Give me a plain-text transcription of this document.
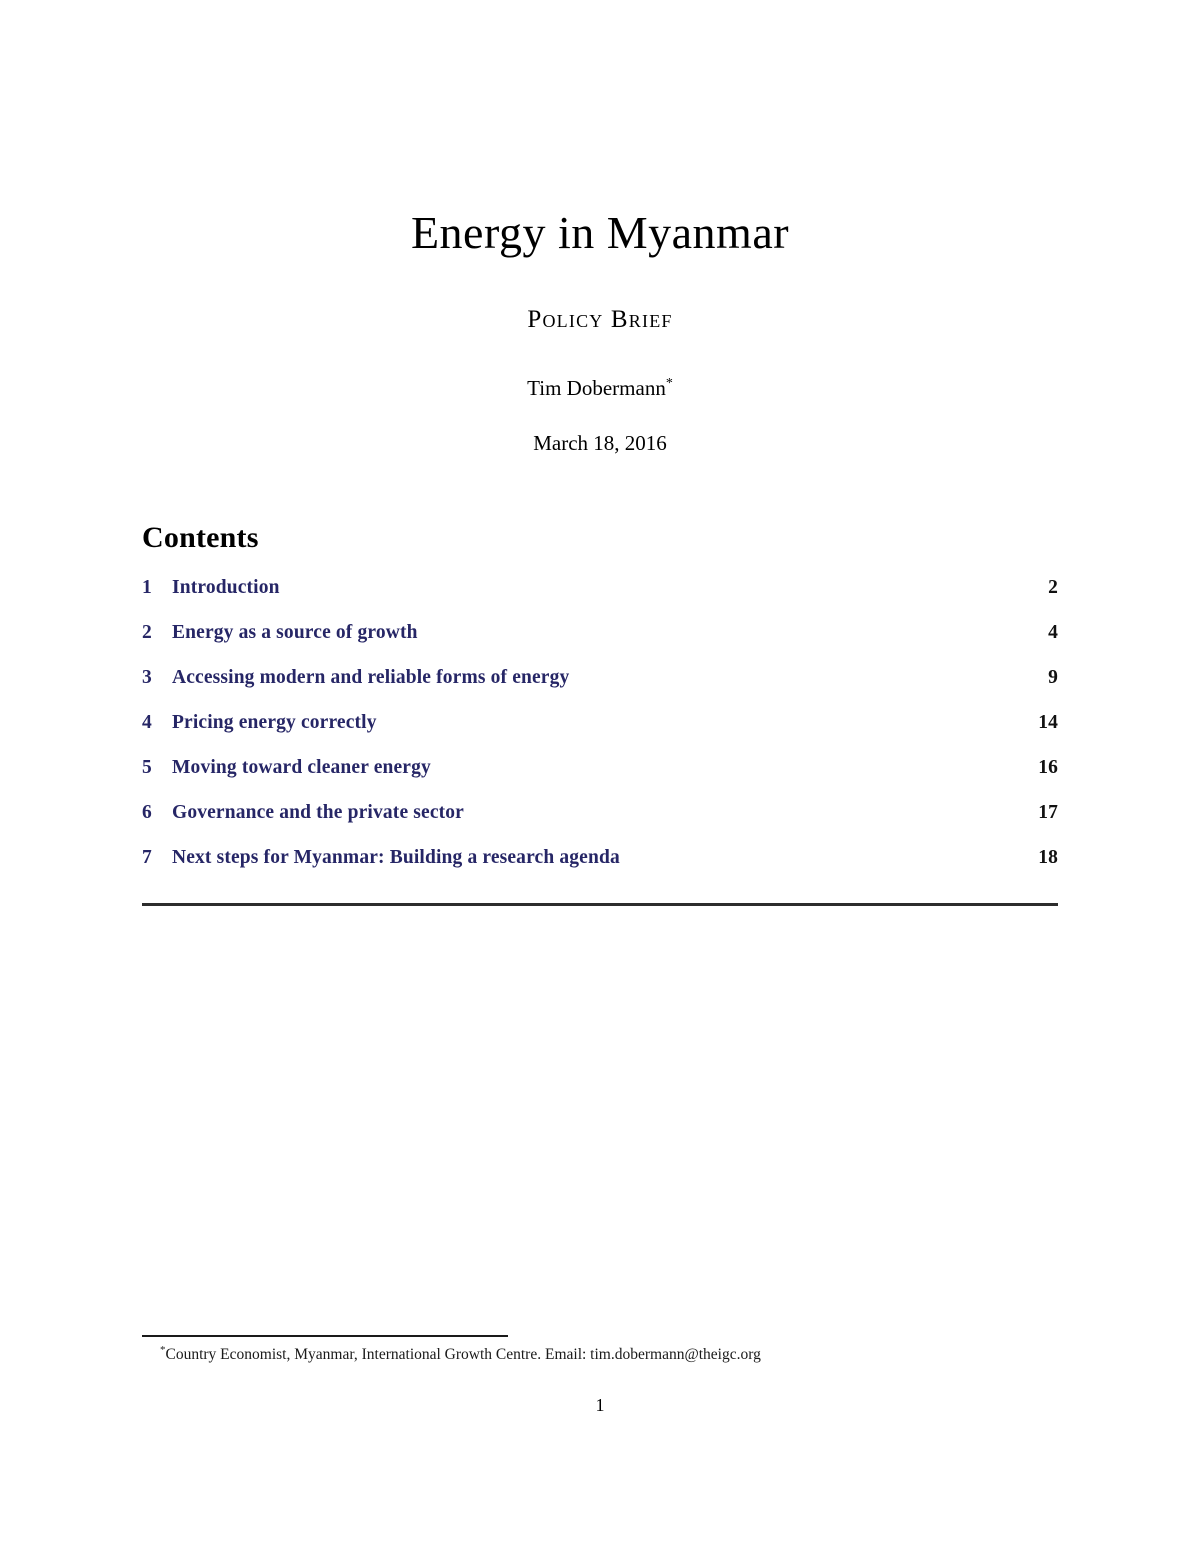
Energy in Myanmar
Policy Brief
Tim Dobermann*
March 18, 2016
Contents
1	Introduction	2
2	Energy as a source of growth	4
3	Accessing modern and reliable forms of energy	9
4	Pricing energy correctly	14
5	Moving toward cleaner energy	16
6	Governance and the private sector	17
7	Next steps for Myanmar: Building a research agenda	18

*Country Economist, Myanmar, International Growth Centre. Email: tim.dobermann@theigc.org

1
